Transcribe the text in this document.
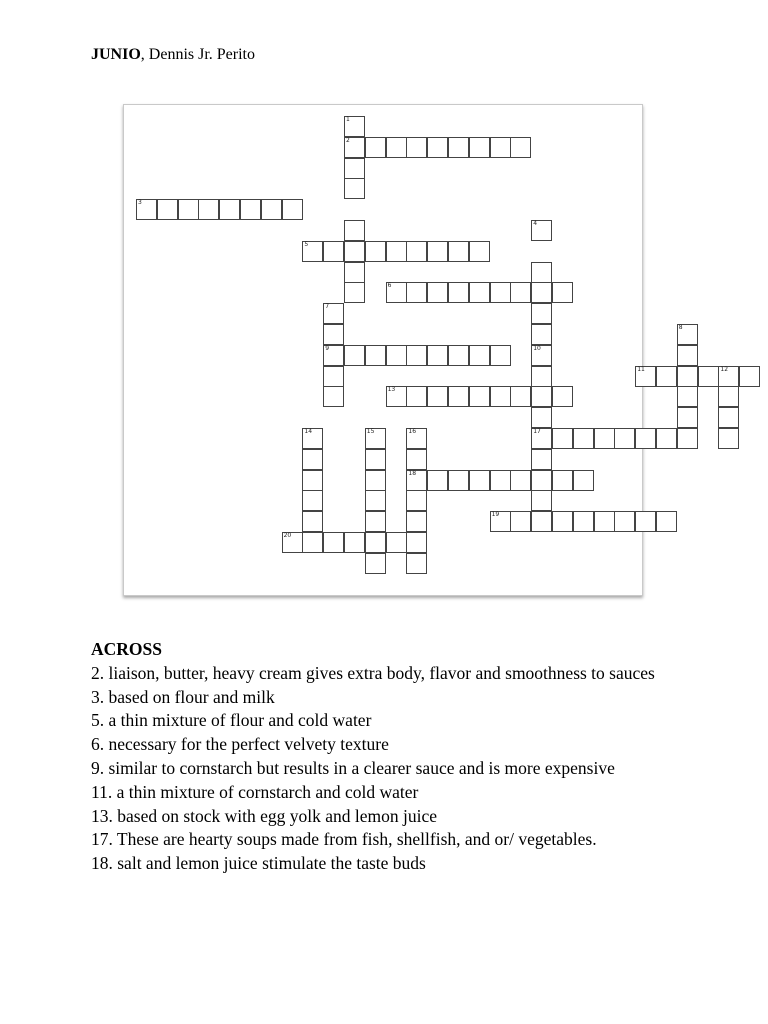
JUNIO, Dennis Jr. Perito
1
2
3
4
5
6
7
8
9	10
11	12
13
14	15	16	17
18
19
20
ACROSS

2. liaison, butter, heavy cream gives extra body, flavor and smoothness to sauces

3. based on flour and milk

5. a thin mixture of flour and cold water

6. necessary for the perfect velvety texture

9. similar to cornstarch but results in a clearer sauce and is more expensive

11. a thin mixture of cornstarch and cold water

13. based on stock with egg yolk and lemon juice

17. These are hearty soups made from fish, shellfish, and or/ vegetables.

18. salt and lemon juice stimulate the taste buds
